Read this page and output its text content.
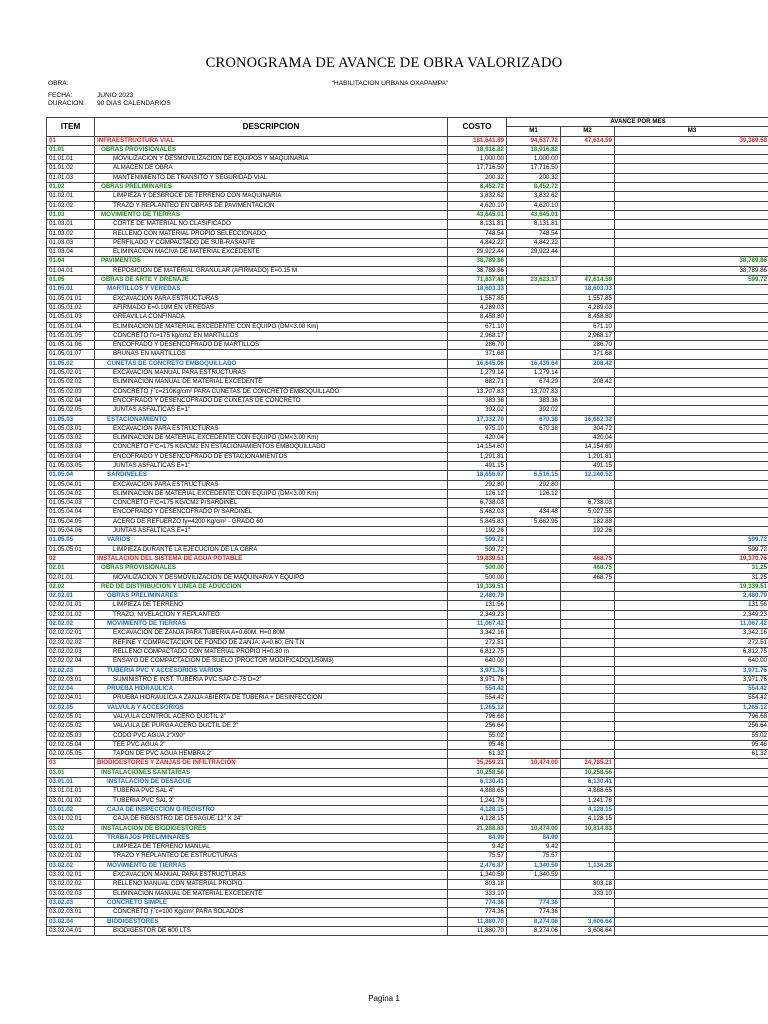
CRONOGRAMA DE AVANCE DE OBRA VALORIZADO
"HABILITACION URBANA OXAPAMPA"
OBRA:
FECHA:	JUNIO 2023
DURACION: 90 DIAS CALENDARIOS
ITEM	DESCRIPCION	COSTO	AVANCE POR MES		
			M1	M2	M3
01	INFRAESTRUCTURA VIAL	181,641.89	94,637.72	47,614.59	39,389.58
01.01	OBRAS PROVISIONALES	18,916.82	18,916.82		
01.01.01	MOVILIZACION Y DESMOVILIZACION DE EQUIPOS Y MAQUINARIA	1,000.00	1,000.00		
01.01.02	ALMACEN DE OBRA	17,716.50	17,716.50		
01.01.03	MANTENIMIENTO DE TRANSITO Y SEGURIDAD VIAL	200.32	200.32		
01.02	OBRAS PRELIMINARES	8,452.72	8,452.72		
01.02.01	LIMPIEZA Y DESBROCE DE TERRENO CON MAQUINARIA	3,832.62	3,832.62		
01.02.02	TRAZO Y REPLANTEO EN OBRAS DE PAVIMENTACION	4,620.10	4,620.10		
01.03	MOVIMIENTO DE TIERRAS	43,645.01	43,645.01		
01.03.01	CORTE DE MATERIAL NO CLASIFICADO	8,131.81	8,131.81		
01.03.02	RELLENO CON MATERIAL PROPIO SELECCIONADO	748.54	748.54		
01.03.03	PERFILADO Y COMPACTADO DE SUB-RASANTE	4,842.22	4,842.22		
01.03.04	ELIMINACION MACIVA DE MATERIAL EXCEDENTE	29,922.44	29,922.44		
01.04	PAVIMENTOS	38,789.86			38,789.86
01.04.01	REPOSICION DE MATERIAL GRANULAR (AFIRMADO) E=0.15 M	38,789.86			38,789.86
01.05	OBRAS DE ARTE Y DRENAJE	71,837.48	23,623.17	47,614.59	599.72
01.05.01	MARTILLOS Y VEREDAS	18,603.33		18,603.33	
01.05.01.01	EXCAVACION PARA ESTRUCTURAS	1,557.85		1,557.85	
01.05.01.02	AFIRMADO E=0.10M EN VEREDAS	4,289.03		4,289.03	
01.05.01.03	GREAVILLA CONFINADA	8,458.80		8,458.80	
01.05.01.04	ELIMINACION DE MATERIAL EXCEDENTE CON EQUIPO (DM<3.00 Km)	671.10		671.10	
01.05.01.05	CONCRETO f'c=175 kg/cm2 EN MARTILLOS	2,968.17		2,968.17	
01.05.01.06	ENCOFRADO Y DESENCOFRADO DE MARTILLOS	286.70		286.70	
01.05.01.07	BRUÑAS EN MARTILLOS	371.68		371.68	
01.05.02	CUNETAS DE CONCRETO EMBOQUILLADO	16,645.06	16,436.64	208.42	
01.05.02.01	EXCAVACION MANUAL PARA ESTRUCTURAS	1,279.14	1,279.14		
01.05.02.02	ELIMINACION MANUAL DE MATERIAL EXCEDENTE	882.71	674.29	208.42	
01.05.02.03	CONCRETO ƒ´c=210Kg/cm² PARA CUNETAS DE CONCRETO EMBOQUILLADO	13,707.83	13,707.83		
01.05.02.04	ENCOFRADO Y DESENCOFRADO DE CUNETAS DE CONCRETO	383.36	383.36		
01.05.02.05	JUNTAS ASFALTICAS E=1"	392.02	392.02		
01.05.03	ESTACIONAMIENTO	17,332.70	670.38	16,662.32	
01.05.03.01	EXCAVACION PARA ESTRUCTURAS	975.10	670.38	304.72	
01.05.03.02	ELIMINACION DE MATERIAL EXCEDENTE CON EQUIPO (DM<3.00 Km)	420.04		420.04	
01.05.03.03	CONCRETO F'C=175 KG/CM2 EN ESTACIONAMIENTOS EMBOQUILLADO	14,154.60		14,154.60	
01.05.03.04	ENCOFRADO Y DESENCOFRADO DE ESTACIONAMIENTOS	1,291.81		1,291.81	
01.05.03.05	JUNTAS ASFALTICAS E=1"	491.15		491.15	
01.05.04	SARDINELES	18,656.67	6,516.15	12,140.52	
01.05.04.01	EXCAVACION PARA ESTRUCTURAS	292.80	292.80		
01.05.04.02	ELIMINACION DE MATERIAL EXCEDENTE CON EQUIPO (DM<3.00 Km)	126.12	126.12		
01.05.04.03	CONCRETO F'C=175 KG/CM2 P/SARDINEL	6,738.03		6,738.03	
01.05.04.04	ENCOFRADO Y DESENCOFRADO P/ SARDINEL	5,462.03	434.48	5,027.55	
01.05.04.05	ACERO DE REFUERZO fy=4200 Kg/cm² - GRADO 60	5,845.83	5,662.95	182.88	
01.05.04.06	JUNTAS ASFALTICAS E=1"	192.26		192.26	
01.05.05	VARIOS	599.72			599.72
01.05.05.01	LIMPIEZA DURANTE LA EJECUCION DE LA OBRA	599.72			599.72
02	INSTALACION DEL SISTEMA DE AGUA POTABLE	19,839.51		468.75	19,370.76
02.01	OBRAS PROVISIONALES	500.00		468.75	31.25
02.01.01	MOVILIZACION Y DESMOVILIZACION DE MAQUINARIA Y EQUIPO	500.00		468.75	31.25
02.02	RED DE DISTRIBUCION Y LINEA DE ADUCCION	19,339.51			19,339.51
02.02.01	OBRAS PRELIMINARES	2,480.79			2,480.79
02.02.01.01	LIMPIEZA DE TERRENO	131.56			131.56
02.02.01.02	TRAZO, NIVELACION Y REPLANTEO	2,349.23			2,349.23
02.02.02	MOVIMIENTO DE TIERRAS	11,067.42			11,067.42
02.02.02.01	EXCAVACION DE ZANJA PARA TUBERIA A=0.60M, H=0.80M	3,342.16			3,342.16
02.02.02.02	REFINE Y COMPACTACION DE FONDO DE ZANJA; A=0.60; EN T.N	272.51			272.51
02.02.02.03	RELLENO COMPACTADO CON MATERIAL PROPIO H=0.80 m	6,812.75			6,812.75
02.02.02.04	ENSAYO DE COMPACTACION DE SUELO (PROCTOR MODIFICADO(1/50M3)	640.00			640.00
02.02.03	TUBERIA PVC Y ACCESORIOS VARIOS	3,971.76			3,971.76
02.02.03.01	SUMINISTRO E INST. TUBERIA PVC SAP C-75 D=2"	3,971.76			3,971.76
02.02.04	PRUEBA HIDRAULICA	554.42			554.42
02.02.04.01	PRUEBA HIDRAULICA A ZANJA ABIERTA DE TUBERIA + DESINFECCION	554.42			554.42
02.02.05	VALVULA Y ACCESORIOS	1,265.12			1,265.12
02.02.05.01	VALVULA CONTROL ACERO DUCTIL 2"	796.68			796.68
02.02.05.02	VALVULA DE PURGA ACERO DUCTIL DE 2"	256.64			256.64
02.02.05.03	CODO PVC AGUA 2"X90°	55.02			55.02
02.02.05.04	TEE PVC AGUA 2"	95.46			95.46
02.02.05.05	TAPON DE PVC AGUA HEMBRA 2"	61.32			61.32
03	BIODIGESTORES Y ZANJAS DE INFILTRACION	35,259.21	10,474.00	24,785.21	
03.01	INSTALACIONES SANITARIAS	10,258.56		10,258.56	
03.01.01	INSTALACION DE DESAGUE	6,130.41		6,130.41	
03.01.01.01	TUBERIA PVC SAL 4"	4,888.65		4,888.65	
03.01.01.02	TUBERIA PVC SAL 2"	1,241.76		1,241.76	
03.01.02	CAJA DE INSPECCION O REGISTRO	4,128.15		4,128.15	
03.01.02.01	CAJA DE REGISTRO DE DESAGUE 12" X 24"	4,128.15		4,128.15	
03.02	INSTALACION DE BIODIGESTORES	21,288.83	10,474.00	10,814.83	
03.02.01	TRABAJOS PRELIMINARES	84.99	84.99		
03.02.01.01	LIMPIEZA DE TERRENO MANUAL	9.42	9.42		
03.02.01.02	TRAZO Y REPLANTEO DE ESTRUCTURAS	75.57	75.57		
03.02.02	MOVIMIENTO DE TIERRAS	2,476.87	1,340.59	1,136.28	
03.02.02.01	EXCAVACION MANUAL PARA ESTRUCTURAS	1,340.59	1,340.59		
03.02.02.02	RELLENO MANUAL CON MATERIAL PROPIO	803.18		803.18	
03.02.02.03	ELIMINACION MANUAL DE MATERIAL EXCEDENTE	333.10		333.10	
03.02.03	CONCRETO SIMPLE	774.36	774.36		
03.02.03.01	CONCRETO ƒ´c=100 Kg/cm² PARA SOLADOS	774.36	774.36		
03.02.04	BIODIGESTORES	11,880.70	8,274.06	3,606.64	
03.02.04.01	BIODIGESTOR DE 600 LTS	11,880.70	8,274.06	3,606.64	
Pagina 1
